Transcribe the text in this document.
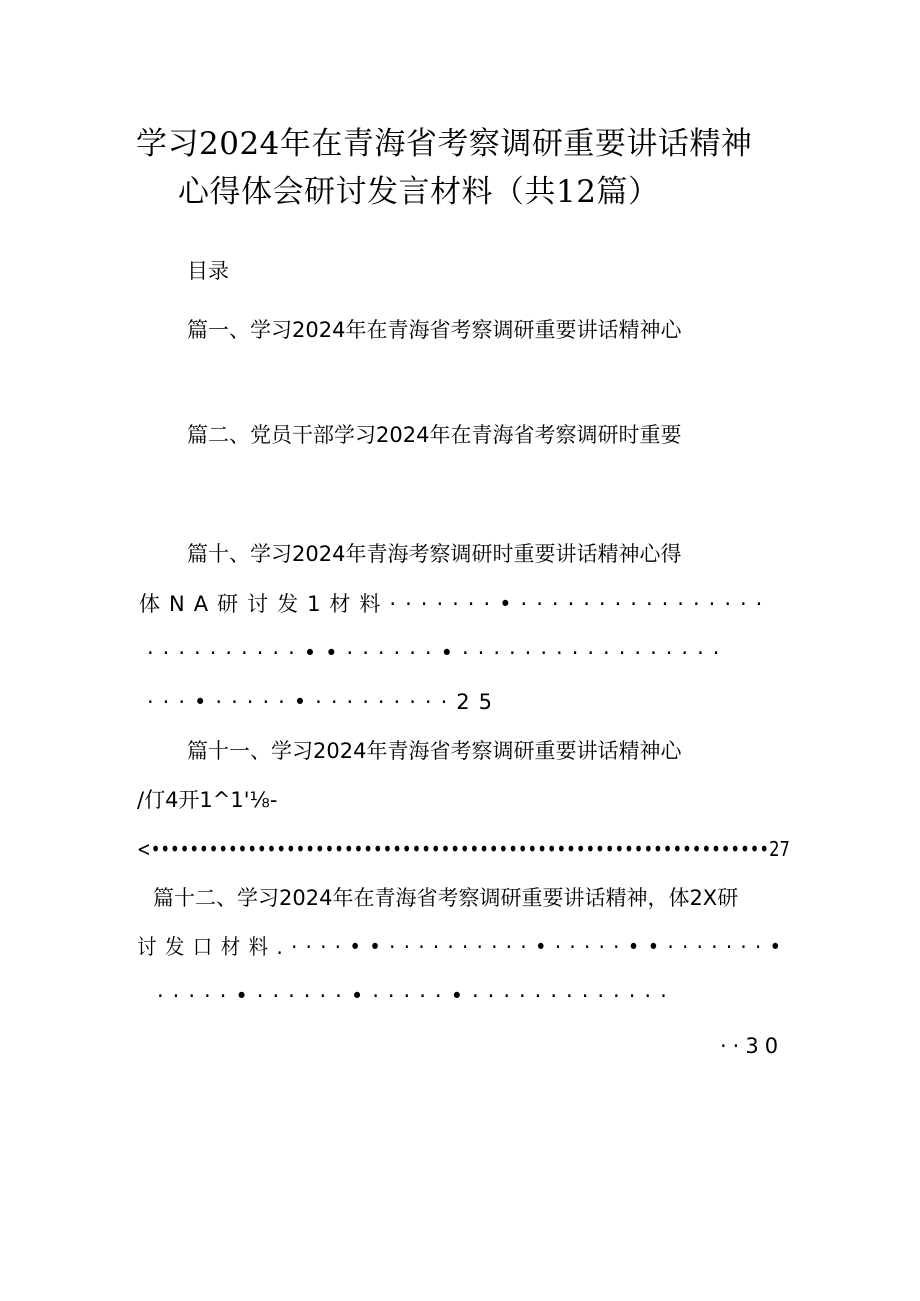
学习2024年在青海省考察调研重要讲话精神
心得体会研讨发言材料（共12篇）
目录
篇一、学习2024年在青海省考察调研重要讲话精神心
篇二、党员干部学习2024年在青海省考察调研时重要
篇十、学习2024年青海考察调研时重要讲话精神心得
体NA研讨发1材料·······•················
··········••······•·················
···•·····•·········25
篇十一、学习2024年青海省考察调研重要讲话精神心
/仃4开1^1'⅛-
<••••••••••••••••••••••••••••••••••••••••••••••••••••••••••••••••27
篇十二、学习2024年在青海省考察调研重要讲话精神，体2X研
讨发口材料.····••··········•·····••·······•
·····•······•·····•·············
··30
